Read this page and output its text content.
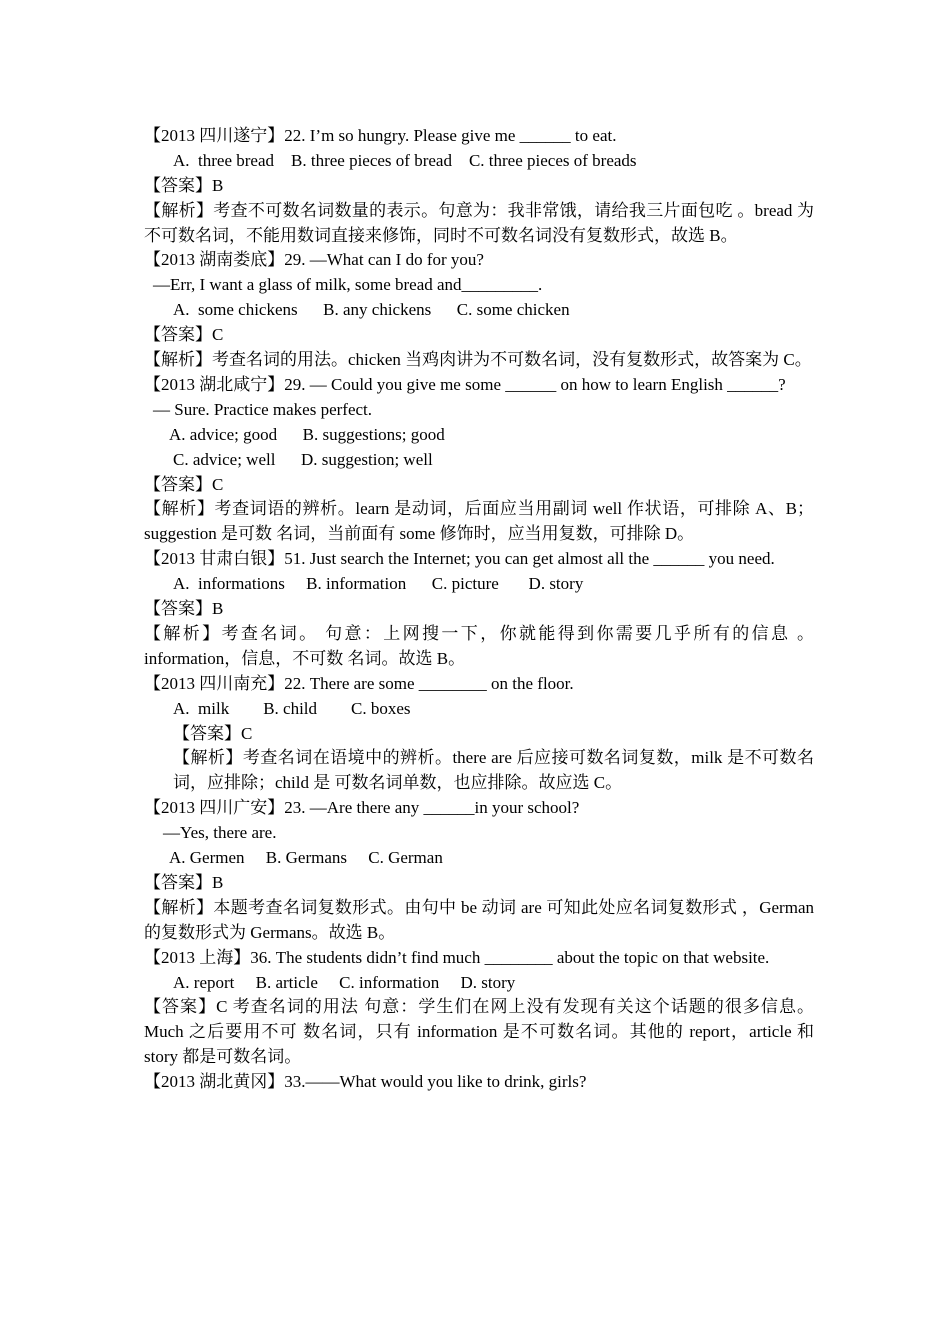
【2013 四川遂宁】22. I’m so hungry. Please give me ______ to eat.
A.  three bread    B. three pieces of bread    C. three pieces of breads
【答案】B
【解析】考查不可数名词数量的表示。句意为：我非常饿，请给我三片面包吃 。bread 为不可数名词，不能用数词直接来修饰，同时不可数名词没有复数形式，故选 B。
【2013 湖南娄底】29. —What can I do for you?
—Err, I want a glass of milk, some bread and_________.
A.  some chickens      B. any chickens      C. some chicken
【答案】C
【解析】考查名词的用法。chicken 当鸡肉讲为不可数名词，没有复数形式，故答案为 C。
【2013 湖北咸宁】29. — Could you give me some ______ on how to learn English ______?
— Sure. Practice makes perfect.
A. advice; good      B. suggestions; good
C. advice; well      D. suggestion; well
【答案】C
【解析】考查词语的辨析。learn 是动词，后面应当用副词 well 作状语，可排除 A、B；suggestion 是可数 名词，当前面有 some 修饰时，应当用复数，可排除 D。
【2013 甘肃白银】51. Just search the Internet; you can get almost all the ______ you need.
A.  informations     B. information      C. picture       D. story
【答案】B
【解析】考查名词。 句意：上网搜一下，你就能得到你需要几乎所有的信息 。information，信息，不可数 名词。故选 B。
【2013 四川南充】22. There are some ________ on the floor.
A.  milk        B. child        C. boxes
【答案】C
【解析】考查名词在语境中的辨析。there are 后应接可数名词复数，milk 是不可数名词，应排除；child 是 可数名词单数，也应排除。故应选 C。
【2013 四川广安】23. —Are there any ______in your school?
—Yes, there are.
A. Germen     B. Germans     C. German
【答案】B
【解析】本题考查名词复数形式。由句中 be 动词 are 可知此处应名词复数形式 ，German 的复数形式为 Germans。故选 B。
【2013 上海】36. The students didn’t find much ________ about the topic on that website.
A. report     B. article     C. information     D. story
【答案】C 考查名词的用法 句意：学生们在网上没有发现有关这个话题的很多信息。Much 之后要用不可 数名词，只有 information 是不可数名词。其他的 report，article 和 story 都是可数名词。
【2013 湖北黄冈】33.——What would you like to drink, girls?
